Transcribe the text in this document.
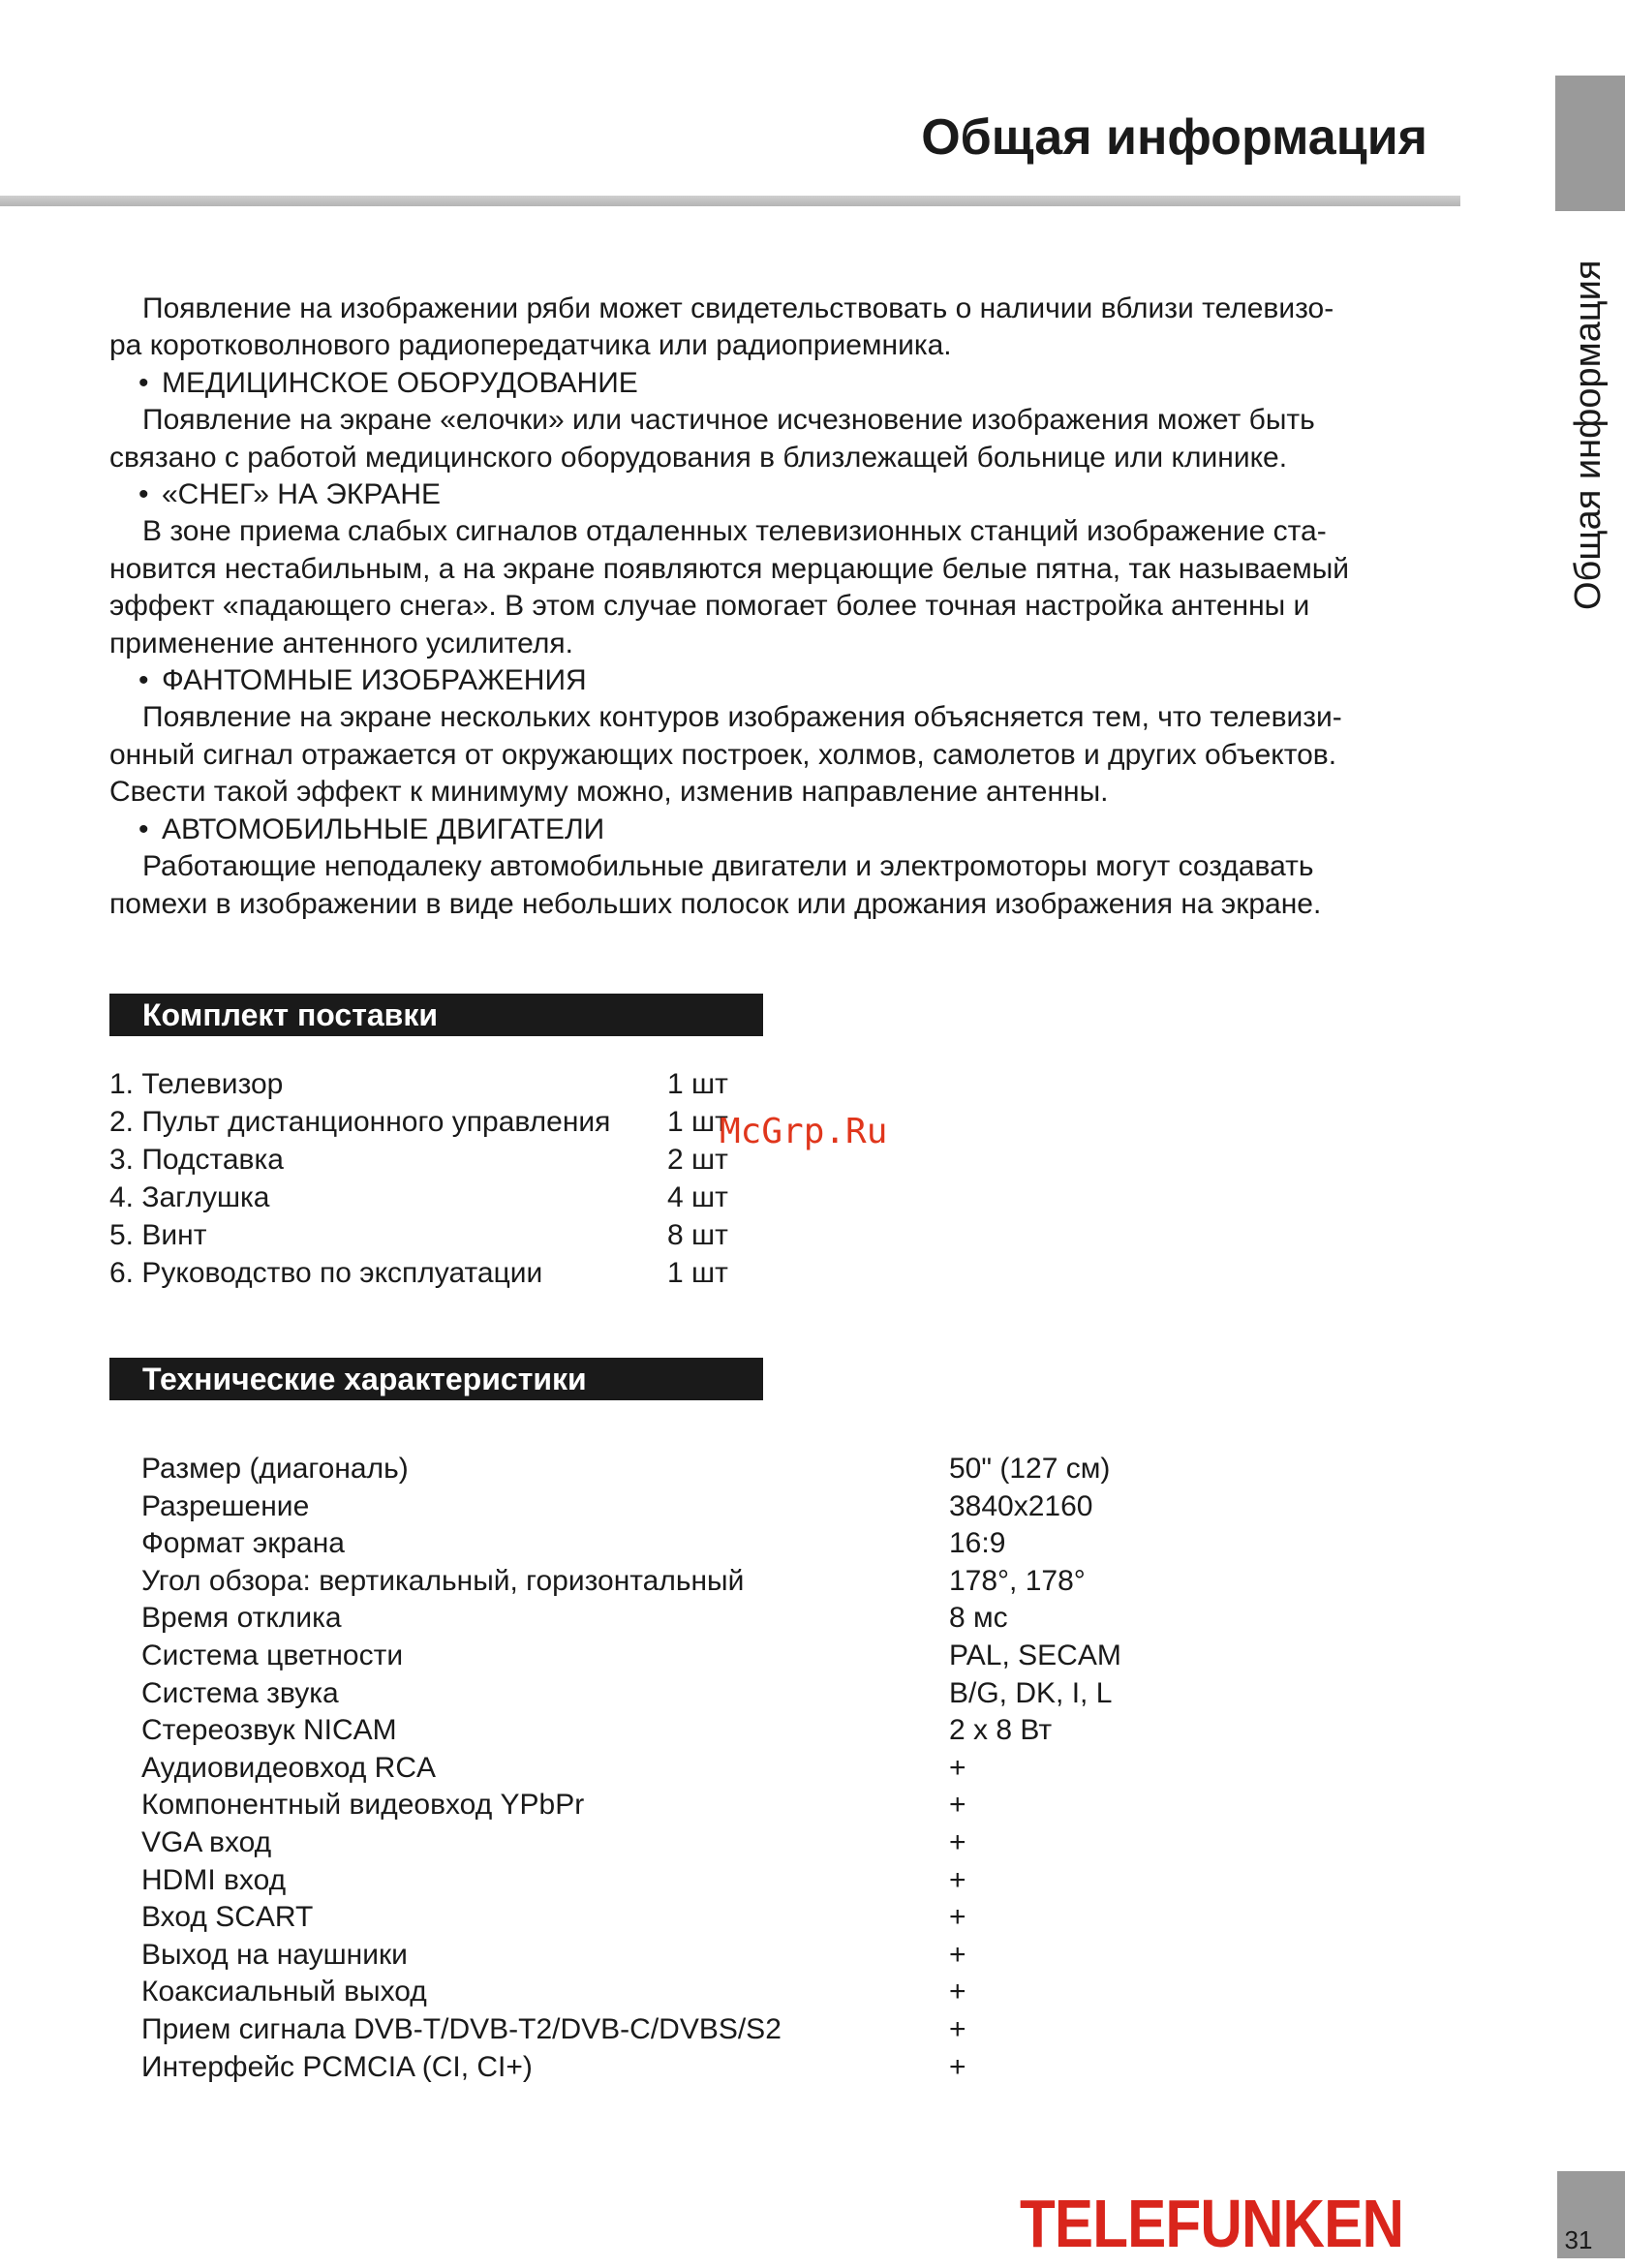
Общая информация
Общая информация
Появление на изображении ряби может свидетельствовать о наличии вблизи телевизо-
ра коротковолнового радиопередатчика или радиоприемника.
• МЕДИЦИНСКОЕ ОБОРУДОВАНИЕ
Появление на экране «елочки» или частичное исчезновение изображения может быть
связано с работой медицинского оборудования в близлежащей больнице или клинике.
• «СНЕГ» НА ЭКРАНЕ
В зоне приема слабых сигналов отдаленных телевизионных станций изображение ста-
новится нестабильным, а на экране появляются мерцающие белые пятна, так называемый
эффект «падающего снега». В этом случае помогает более точная настройка антенны и
применение антенного усилителя.
• ФАНТОМНЫЕ ИЗОБРАЖЕНИЯ
Появление на экране нескольких контуров изображения объясняется тем, что телевизи-
онный сигнал отражается от окружающих построек, холмов, самолетов и других объектов.
Свести такой эффект к минимуму можно, изменив направление антенны.
• АВТОМОБИЛЬНЫЕ ДВИГАТЕЛИ
Работающие неподалеку автомобильные двигатели и электромоторы могут создавать
помехи в изображении в виде небольших полосок или дрожания изображения на экране.
Комплект поставки
1. Телевизор	1 шт
2. Пульт дистанционного управления 1 шт
3. Подставка	2 шт
4. Заглушка	4 шт
5. Винт	8 шт
6. Руководство по эксплуатации	1 шт
McGrp.Ru
Технические характеристики
Размер (диагональ)	50" (127 см)
Разрешение	3840x2160
Формат экрана	16:9
Угол обзора: вертикальный, горизонтальный	178°, 178°
Время отклика	8 мс
Система цветности	PAL, SECAM
Система звука	B/G, DK, I, L
Стереозвук NICAM	2 х 8 Вт
Аудиовидеовход RCA	+
Компонентный видеовход YPbPr	+
VGA вход	+
HDMI вход	+
Вход SCART	+
Выход на наушники	+
Коаксиальный выход	+
Прием сигнала DVB-T/DVB-T2/DVB-C/DVBS/S2	+
Интерфейс PCMCIA (CI, CI+)	+
TELEFUNKEN	31
